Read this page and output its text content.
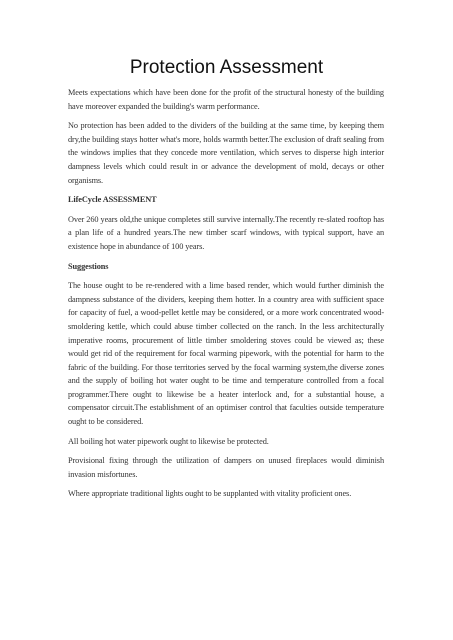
Protection Assessment

Meets expectations which have been done for the profit of the structural honesty of the building have moreover expanded the building's warm performance.

No protection has been added to the dividers of the building at the same time, by keeping them dry,the building stays hotter what's more, holds warmth better.The exclusion of draft sealing from the windows implies that they concede more ventilation, which serves to disperse high interior dampness levels which could result in or advance the development of mold, decays or other organisms.

LifeCycle ASSESSMENT

Over 260 years old,the unique completes still survive internally.The recently re-slated rooftop has a plan life of a hundred years.The new timber scarf windows, with typical support, have an existence hope in abundance of 100 years.

Suggestions

The house ought to be re-rendered with a lime based render, which would further diminish the dampness substance of the dividers, keeping them hotter. In a country area with sufficient space for capacity of fuel, a wood-pellet kettle may be considered, or a more work concentrated wood-smoldering kettle, which could abuse timber collected on the ranch. In the less architecturally imperative rooms, procurement of little timber smoldering stoves could be viewed as; these would get rid of the requirement for focal warming pipework, with the potential for harm to the fabric of the building. For those territories served by the focal warming system,the diverse zones and the supply of boiling hot water ought to be time and temperature controlled from a focal programmer.There ought to likewise be a heater interlock and, for a substantial house, a compensator circuit.The establishment of an optimiser control that faculties outside temperature ought to be considered.

All boiling hot water pipework ought to likewise be protected.

Provisional fixing through the utilization of dampers on unused fireplaces would diminish invasion misfortunes.

Where appropriate traditional lights ought to be supplanted with vitality proficient ones.
